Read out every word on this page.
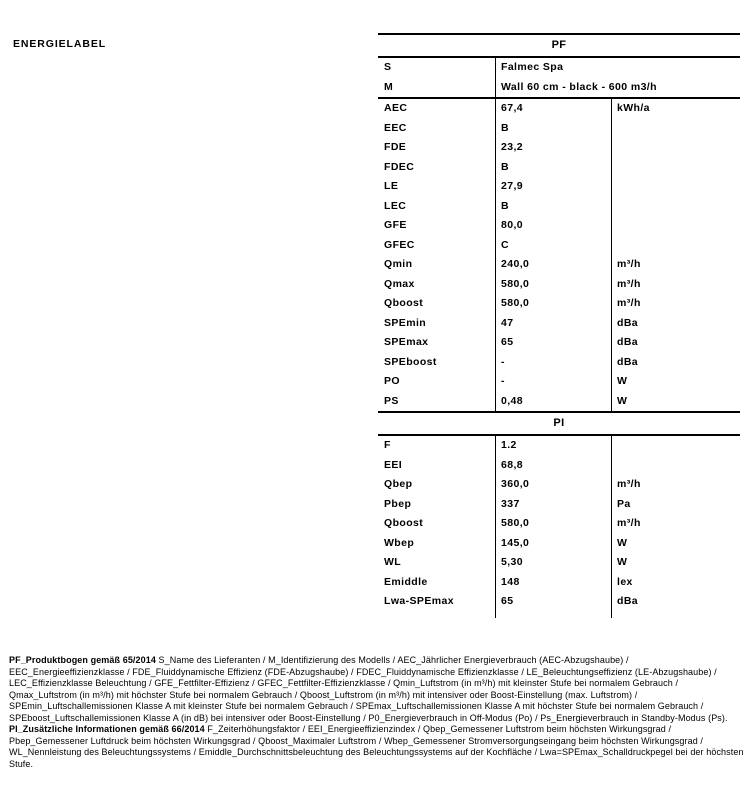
ENERGIELABEL	PF
S	Falmec Spa
M	Wall 60 cm - black - 600 m3/h
AEC	67,4	kWh/a
EEC	B
FDE	23,2
FDEC	B
LE	27,9
LEC	B
GFE	80,0
GFEC	C
Qmin	240,0	m³/h
Qmax	580,0	m³/h
Qboost	580,0	m³/h
SPEmin	47	dBa
SPEmax	65	dBa
SPEboost	-	dBa
PO	-	W
PS	0,48	W
PI
F	1.2
EEI	68,8
Qbep	360,0	m³/h
Pbep	337	Pa
Qboost	580,0	m³/h
Wbep	145,0	W
WL	5,30	W
Emiddle	148	lex
Lwa-SPEmax	65	dBa

PF_Produktbogen gemäß 65/2014 S_Name des Lieferanten / M_Identifizierung des Modells / AEC_Jährlicher Energieverbrauch (AEC-Abzugshaube) / EEC_Energieeffizienzklasse / FDE_Fluiddynamische Effizienz (FDE-Abzugshaube) / FDEC_Fluiddynamische Effizienzklasse / LE_Beleuchtungseffizienz (LE-Abzugshaube) / LEC_Effizienzklasse Beleuchtung / GFE_Fettfilter-Effizienz / GFEC_Fettfilter-Effizienzklasse / Qmin_Luftstrom (in m³/h) mit kleinster Stufe bei normalem Gebrauch / Qmax_Luftstrom (in m³/h) mit höchster Stufe bei normalem Gebrauch / Qboost_Luftstrom (in m³/h) mit intensiver oder Boost-Einstellung (max. Luftstrom) / SPEmin_Luftschallemissionen Klasse A mit kleinster Stufe bei normalem Gebrauch / SPEmax_Luftschallemissionen Klasse A mit höchster Stufe bei normalem Gebrauch / SPEboost_Luftschallemissionen Klasse A (in dB) bei intensiver oder Boost-Einstellung / P0_Energieverbrauch in Off-Modus (Po) / Ps_Energieverbrauch in Standby-Modus (Ps). PI_Zusätzliche Informationen gemäß 66/2014 F_Zeiterhöhungsfaktor / EEI_Energieeffizienzindex / Qbep_Gemessener Luftstrom beim höchsten Wirkungsgrad / Pbep_Gemessener Luftdruck beim höchsten Wirkungsgrad / Qboost_Maximaler Luftstrom / Wbep_Gemessener Stromversorgungseingang beim höchsten Wirkungsgrad / WL_Nennleistung des Beleuchtungssystems / Emiddle_Durchschnittsbeleuchtung des Beleuchtungssystems auf der Kochfläche / Lwa=SPEmax_Schalldruckpegel bei der höchsten Stufe.
